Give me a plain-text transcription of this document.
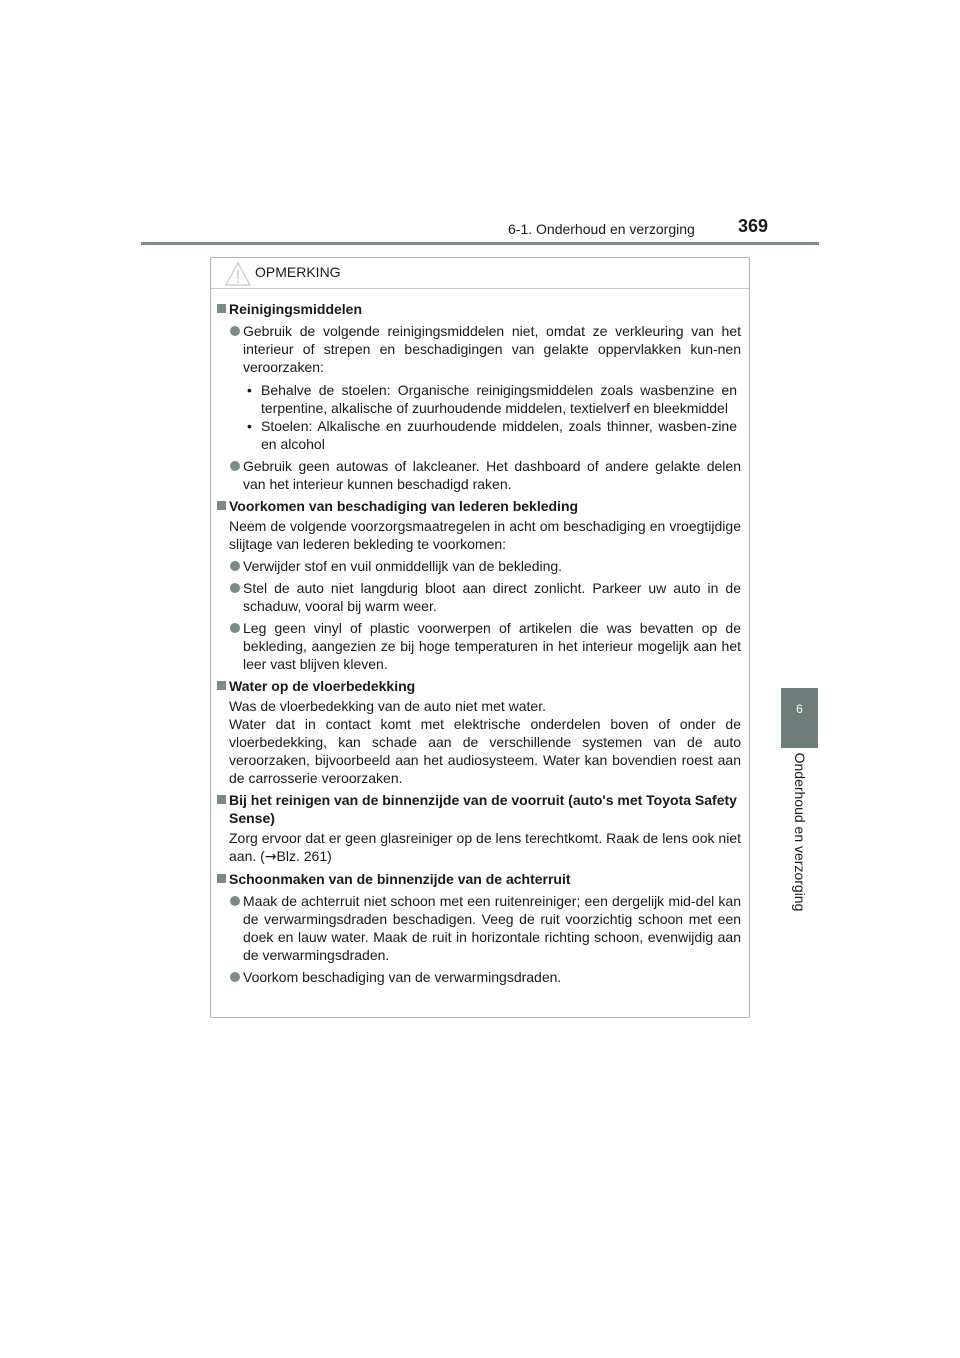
6-1. Onderhoud en verzorging 369
6
Onderhoud en verzorging
OPMERKING
Reinigingsmiddelen
Gebruik de volgende reinigingsmiddelen niet, omdat ze verkleuring van het interieur of strepen en beschadigingen van gelakte oppervlakken kun-nen veroorzaken:
• Behalve de stoelen: Organische reinigingsmiddelen zoals wasbenzine en terpentine, alkalische of zuurhoudende middelen, textielverf en bleekmiddel
• Stoelen: Alkalische en zuurhoudende middelen, zoals thinner, wasben-zine en alcohol
Gebruik geen autowas of lakcleaner. Het dashboard of andere gelakte delen van het interieur kunnen beschadigd raken.
Voorkomen van beschadiging van lederen bekleding
Neem de volgende voorzorgsmaatregelen in acht om beschadiging en vroegtijdige slijtage van lederen bekleding te voorkomen:
Verwijder stof en vuil onmiddellijk van de bekleding.
Stel de auto niet langdurig bloot aan direct zonlicht. Parkeer uw auto in de schaduw, vooral bij warm weer.
Leg geen vinyl of plastic voorwerpen of artikelen die was bevatten op de bekleding, aangezien ze bij hoge temperaturen in het interieur mogelijk aan het leer vast blijven kleven.
Water op de vloerbedekking
Was de vloerbedekking van de auto niet met water.
Water dat in contact komt met elektrische onderdelen boven of onder de vloerbedekking, kan schade aan de verschillende systemen van de auto veroorzaken, bijvoorbeeld aan het audiosysteem. Water kan bovendien roest aan de carrosserie veroorzaken.
Bij het reinigen van de binnenzijde van de voorruit (auto's met Toyota Safety Sense)
Zorg ervoor dat er geen glasreiniger op de lens terechtkomt. Raak de lens ook niet aan. (→Blz. 261)
Schoonmaken van de binnenzijde van de achterruit
Maak de achterruit niet schoon met een ruitenreiniger; een dergelijk mid-del kan de verwarmingsdraden beschadigen. Veeg de ruit voorzichtig schoon met een doek en lauw water. Maak de ruit in horizontale richting schoon, evenwijdig aan de verwarmingsdraden.
Voorkom beschadiging van de verwarmingsdraden.
